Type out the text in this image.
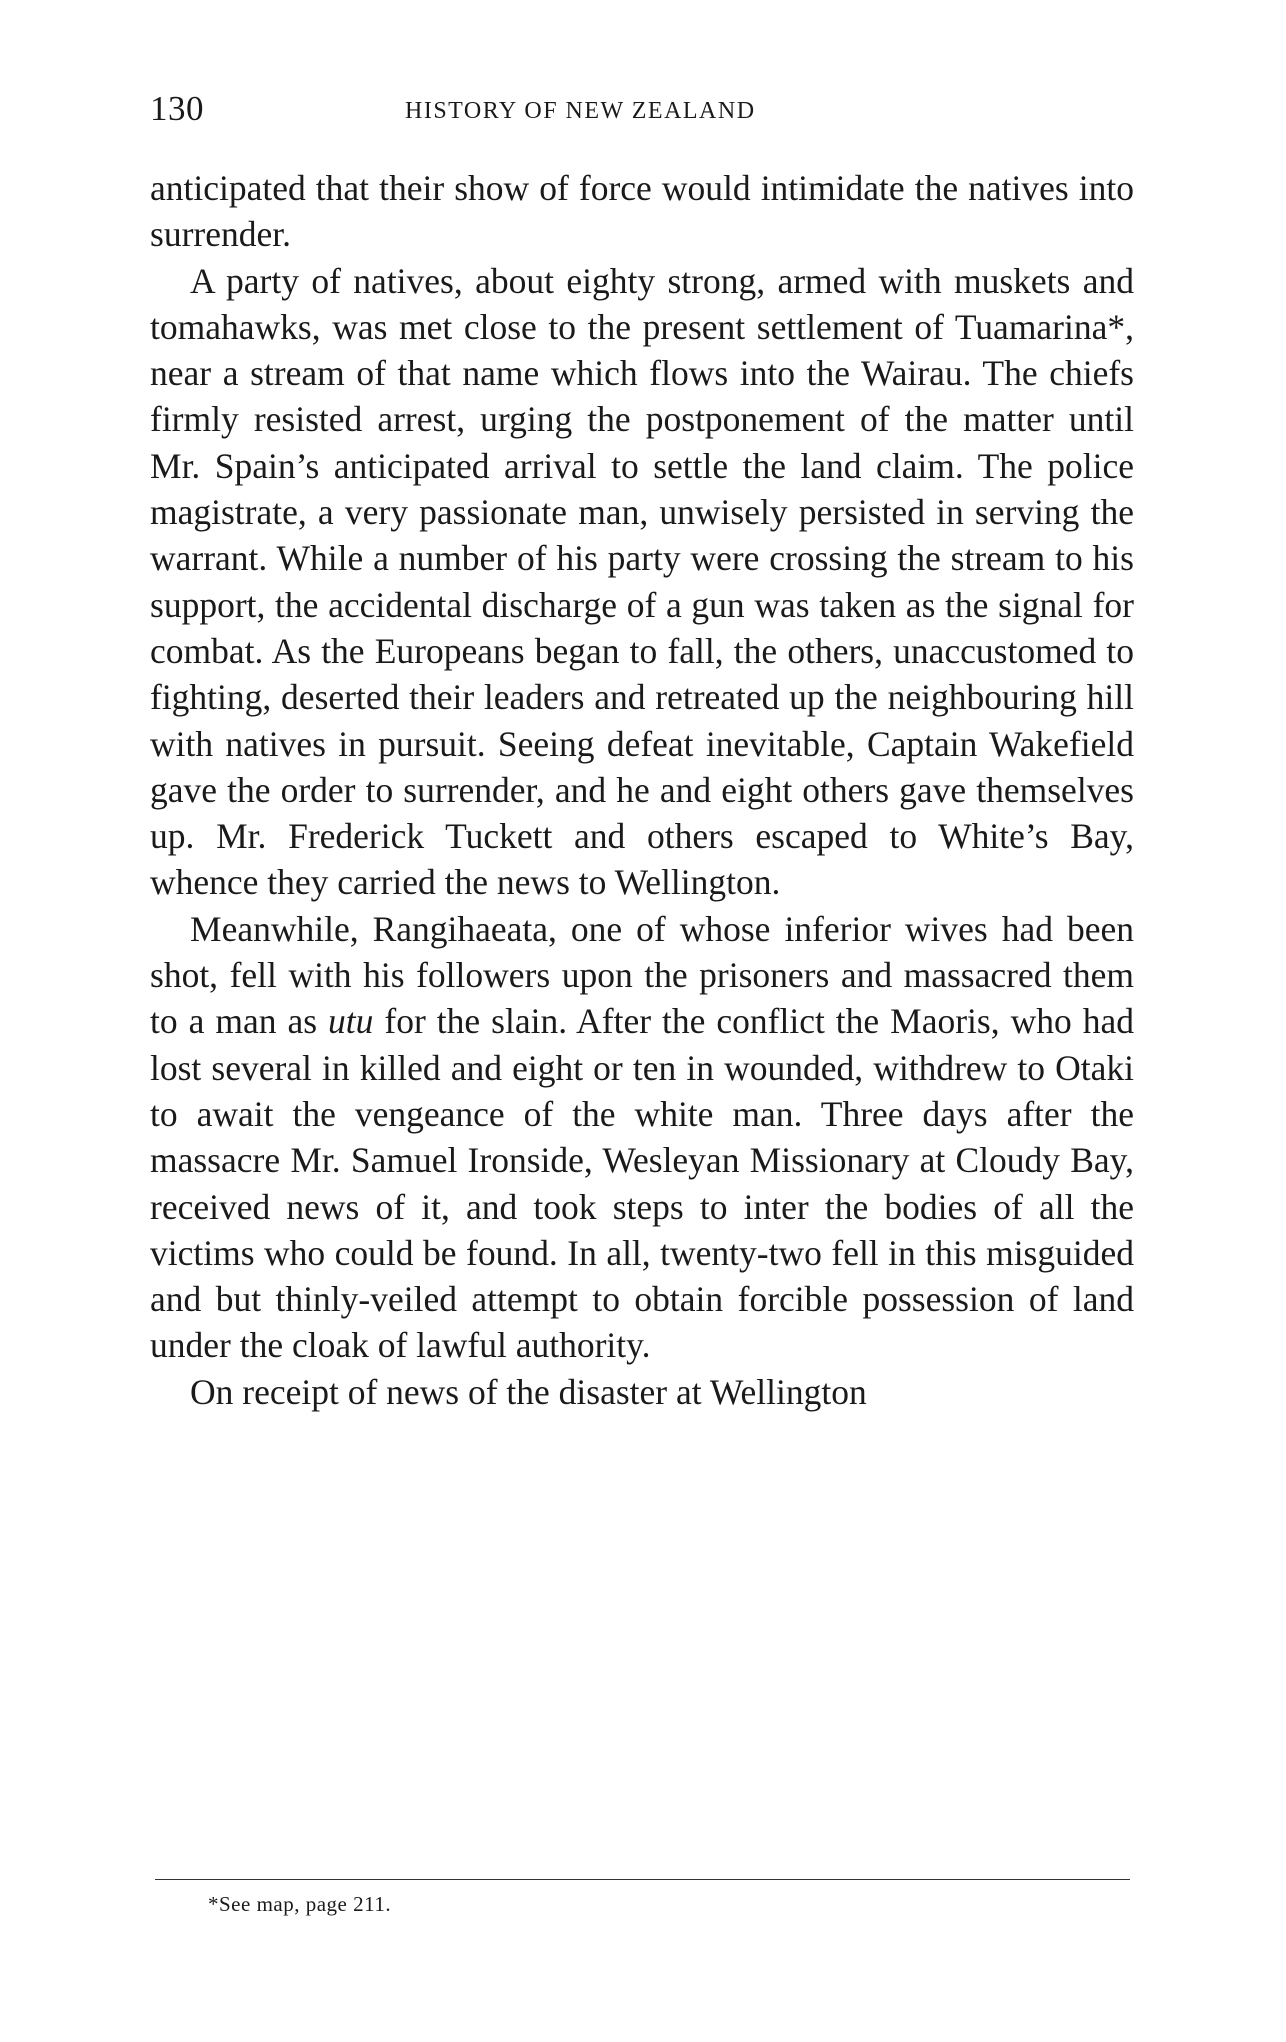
130	HISTORY OF NEW ZEALAND

anticipated that their show of force would intimidate the natives into surrender.

A party of natives, about eighty strong, armed with muskets and tomahawks, was met close to the present settlement of Tuamarina*, near a stream of that name which flows into the Wairau. The chiefs firmly resisted arrest, urging the postponement of the matter until Mr. Spain’s anticipated arrival to settle the land claim. The police magistrate, a very passionate man, unwisely persisted in serving the warrant. While a number of his party were crossing the stream to his support, the accidental discharge of a gun was taken as the signal for combat. As the Europeans began to fall, the others, unaccustomed to fighting, deserted their leaders and retreated up the neighbouring hill with natives in pursuit. Seeing defeat inevitable, Captain Wakefield gave the order to surrender, and he and eight others gave themselves up. Mr. Frederick Tuckett and others escaped to White’s Bay, whence they carried the news to Wellington.

Meanwhile, Rangihaeata, one of whose inferior wives had been shot, fell with his followers upon the prisoners and massacred them to a man as utu for the slain. After the conflict the Maoris, who had lost several in killed and eight or ten in wounded, withdrew to Otaki to await the vengeance of the white man. Three days after the massacre Mr. Samuel Ironside, Wesleyan Missionary at Cloudy Bay, received news of it, and took steps to inter the bodies of all the victims who could be found. In all, twenty-two fell in this misguided and but thinly-veiled attempt to obtain forcible possession of land under the cloak of lawful authority.

On receipt of news of the disaster at Wellington

*See map, page 211.
